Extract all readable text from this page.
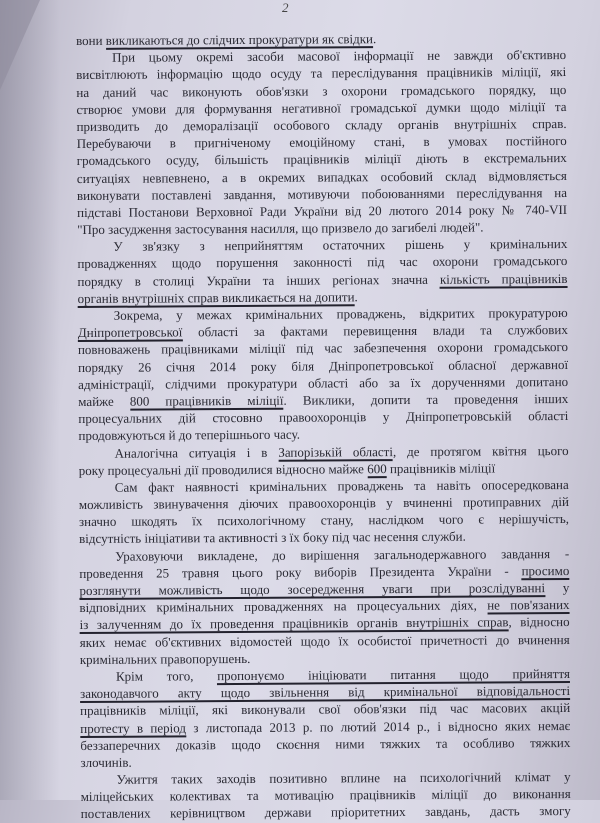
2
вони викликаються до слідчих прокуратури як свідки.
При цьому окремі засоби масової інформації не завжди об'єктивно
висвітлюють інформацію щодо осуду та переслідування працівників міліції, які
на даний час виконують обов'язки з охорони громадського порядку, що
створює умови для формування негативної громадської думки щодо міліції та
призводить до деморалізації особового складу органів внутрішніх справ.
Перебуваючи в пригніченому емоційному стані, в умовах постійного
громадського осуду, більшість працівників міліції діють в екстремальних
ситуаціях невпевнено, а в окремих випадках особовий склад відмовляється
виконувати поставлені завдання, мотивуючи побоюваннями переслідування на
підставі Постанови Верховної Ради України від 20 лютого 2014 року № 740-VII
"Про засудження застосування насилля, що призвело до загибелі людей".
У зв'язку з неприйняттям остаточних рішень у кримінальних
провадженнях щодо порушення законності під час охорони громадського
порядку в столиці України та інших регіонах значна кількість працівників
органів внутрішніх справ викликається на допити.
Зокрема, у межах кримінальних проваджень, відкритих прокуратурою
Дніпропетровської області за фактами перевищення влади та службових
повноважень працівниками міліції під час забезпечення охорони громадського
порядку 26 січня 2014 року біля Дніпропетровської обласної державної
адміністрації, слідчими прокуратури області або за їх дорученнями допитано
майже 800 працівників міліції. Виклики, допити та проведення інших
процесуальних дій стосовно правоохоронців у Дніпропетровській області
продовжуються й до теперішнього часу.
Аналогічна ситуація і в Запорізькій області, де протягом квітня цього
року процесуальні дії проводилися відносно майже 600 працівників міліції
Сам факт наявності кримінальних проваджень та навіть опосередкована
можливість звинувачення діючих правоохоронців у вчиненні протиправних дій
значно шкодять їх психологічному стану, наслідком чого є нерішучість,
відсутність ініціативи та активності з їх боку під час несення служби.
Ураховуючи викладене, до вирішення загальнодержавного завдання -
проведення 25 травня цього року виборів Президента України - просимо
розглянути можливість щодо зосередження уваги при розслідуванні у
відповідних кримінальних провадженнях на процесуальних діях, не пов'язаних
із залученням до їх проведення працівників органів внутрішніх справ, відносно
яких немає об'єктивних відомостей щодо їх особистої причетності до вчинення
кримінальних правопорушень.
Крім того, пропонуємо ініціювати питання щодо прийняття
законодавчого акту щодо звільнення від кримінальної відповідальності
працівників міліції, які виконували свої обов'язки під час масових акцій
протесту в період з листопада 2013 р. по лютий 2014 р., і відносно яких немає
беззаперечних доказів щодо скоєння ними тяжких та особливо тяжких
злочинів.
Ужиття таких заходів позитивно вплине на психологічний клімат у
міліцейських колективах та мотивацію працівників міліції до виконання
поставлених керівництвом держави пріоритетних завдань, дасть змогу
